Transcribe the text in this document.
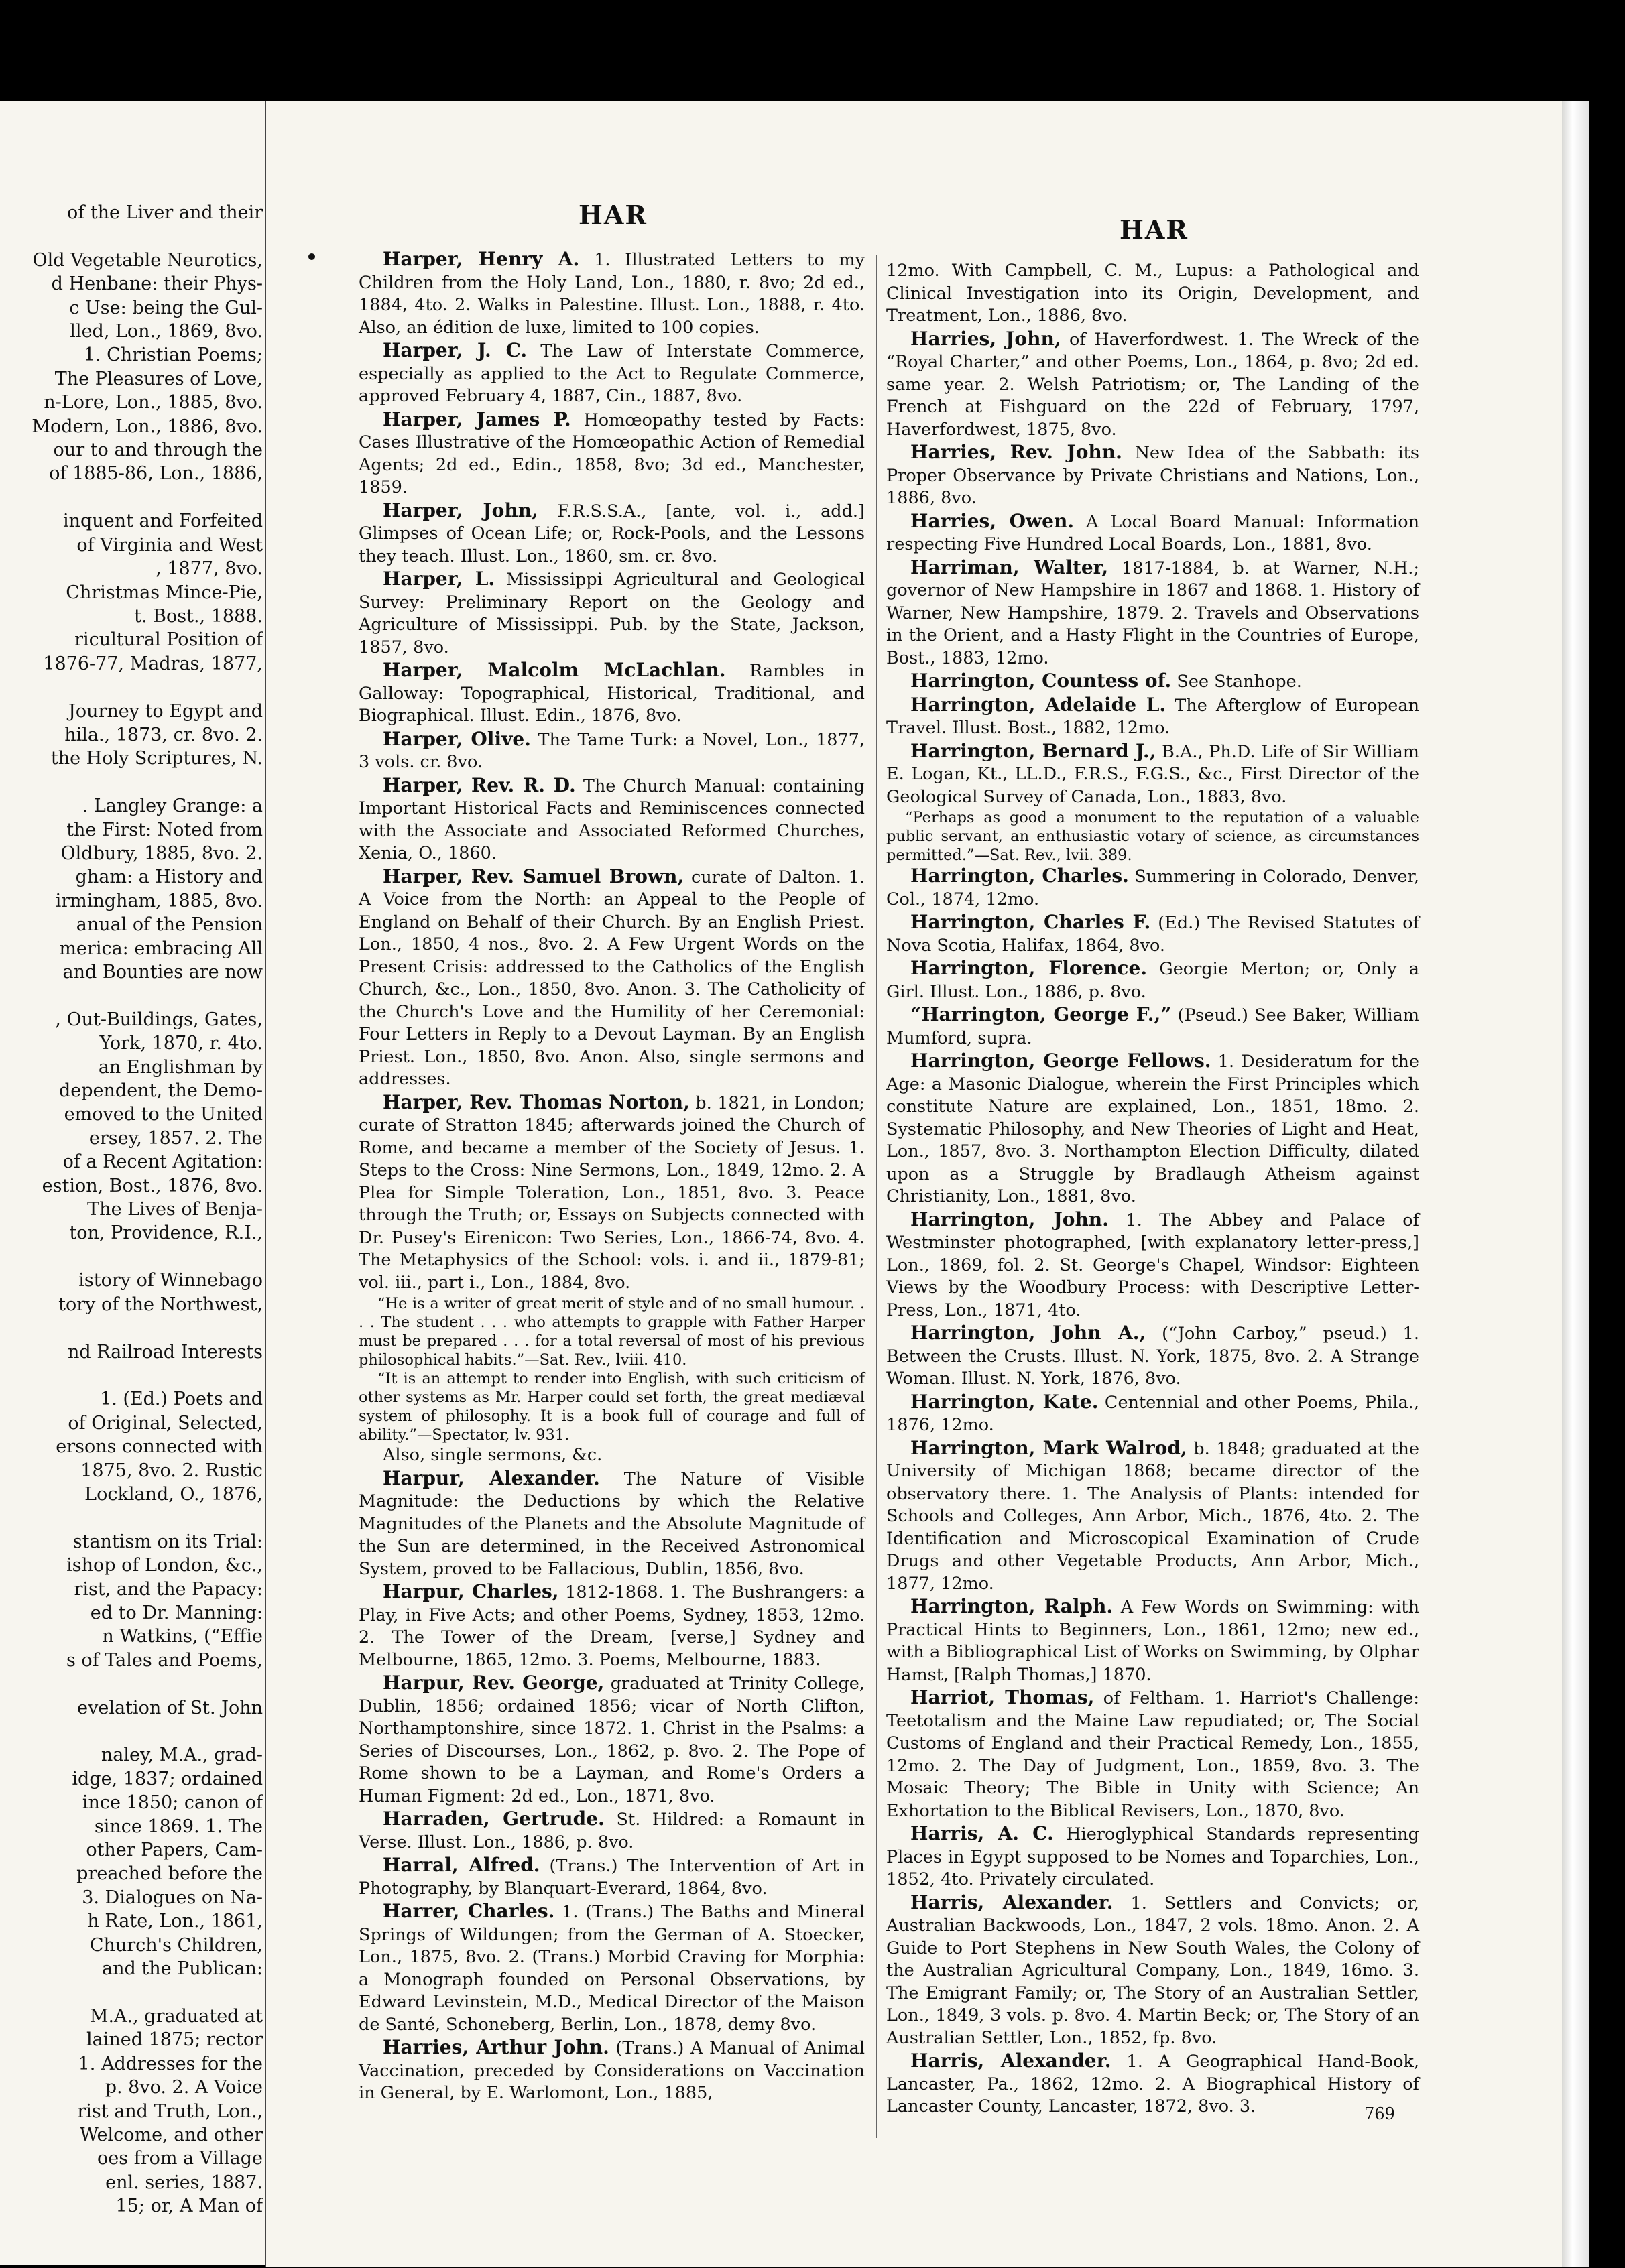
of the Liver and their

Old Vegetable Neurotics,
d Henbane: their Phys-
c Use: being the Gul-
lled, Lon., 1869, 8vo.
1. Christian Poems;
The Pleasures of Love,
n-Lore, Lon., 1885, 8vo.
Modern, Lon., 1886, 8vo.
our to and through the
of 1885-86, Lon., 1886,

inquent and Forfeited
of Virginia and West
, 1877, 8vo.
Christmas Mince-Pie,
t. Bost., 1888.
ricultural Position of
1876-77, Madras, 1877,

Journey to Egypt and
hila., 1873, cr. 8vo. 2.
the Holy Scriptures, N.

. Langley Grange: a
the First: Noted from
Oldbury, 1885, 8vo. 2.
gham: a History and
irmingham, 1885, 8vo.
anual of the Pension
merica: embracing All
and Bounties are now

, Out-Buildings, Gates,
York, 1870, r. 4to.
an Englishman by
dependent, the Demo-
emoved to the United
ersey, 1857. 2. The
of a Recent Agitation:
estion, Bost., 1876, 8vo.
The Lives of Benja-
ton, Providence, R.I.,

istory of Winnebago
tory of the Northwest,

nd Railroad Interests

1. (Ed.) Poets and
of Original, Selected,
ersons connected with
1875, 8vo. 2. Rustic
Lockland, O., 1876,

stantism on its Trial:
ishop of London, &c.,
rist, and the Papacy:
ed to Dr. Manning:
n Watkins, (“Effie
s of Tales and Poems,

evelation of St. John

naley, M.A., grad-
idge, 1837; ordained
ince 1850; canon of
since 1869. 1. The
other Papers, Cam-
preached before the
3. Dialogues on Na-
h Rate, Lon., 1861,
Church's Children,
and the Publican:

M.A., graduated at
lained 1875; rector
1. Addresses for the
p. 8vo. 2. A Voice
rist and Truth, Lon.,
Welcome, and other
oes from a Village
enl. series, 1887.
15; or, A Man of
HAR	HAR

Harper, Henry A. 1. Illustrated Letters to my Children from the Holy Land, Lon., 1880, r. 8vo; 2d ed., 1884, 4to. 2. Walks in Palestine. Illust. Lon., 1888, r. 4to. Also, an édition de luxe, limited to 100 copies.

Harper, J. C. The Law of Interstate Commerce, especially as applied to the Act to Regulate Commerce, approved February 4, 1887, Cin., 1887, 8vo.

Harper, James P. Homœopathy tested by Facts: Cases Illustrative of the Homœopathic Action of Remedial Agents; 2d ed., Edin., 1858, 8vo; 3d ed., Manchester, 1859.

Harper, John, F.R.S.S.A., [ante, vol. i., add.] Glimpses of Ocean Life; or, Rock-Pools, and the Lessons they teach. Illust. Lon., 1860, sm. cr. 8vo.

Harper, L. Mississippi Agricultural and Geological Survey: Preliminary Report on the Geology and Agriculture of Mississippi. Pub. by the State, Jackson, 1857, 8vo.

Harper, Malcolm McLachlan. Rambles in Galloway: Topographical, Historical, Traditional, and Biographical. Illust. Edin., 1876, 8vo.

Harper, Olive. The Tame Turk: a Novel, Lon., 1877, 3 vols. cr. 8vo.

Harper, Rev. R. D. The Church Manual: containing Important Historical Facts and Reminiscences connected with the Associate and Associated Reformed Churches, Xenia, O., 1860.

Harper, Rev. Samuel Brown, curate of Dalton. 1. A Voice from the North: an Appeal to the People of England on Behalf of their Church. By an English Priest. Lon., 1850, 4 nos., 8vo. 2. A Few Urgent Words on the Present Crisis: addressed to the Catholics of the English Church, &c., Lon., 1850, 8vo. Anon. 3. The Catholicity of the Church's Love and the Humility of her Ceremonial: Four Letters in Reply to a Devout Layman. By an English Priest. Lon., 1850, 8vo. Anon. Also, single sermons and addresses.

Harper, Rev. Thomas Norton, b. 1821, in London; curate of Stratton 1845; afterwards joined the Church of Rome, and became a member of the Society of Jesus. 1. Steps to the Cross: Nine Sermons, Lon., 1849, 12mo. 2. A Plea for Simple Toleration, Lon., 1851, 8vo. 3. Peace through the Truth; or, Essays on Subjects connected with Dr. Pusey's Eirenicon: Two Series, Lon., 1866-74, 8vo. 4. The Metaphysics of the School: vols. i. and ii., 1879-81; vol. iii., part i., Lon., 1884, 8vo.

“He is a writer of great merit of style and of no small humour. . . . The student . . . who attempts to grapple with Father Harper must be prepared . . . for a total reversal of most of his previous philosophical habits.”—Sat. Rev., lviii. 410.

“It is an attempt to render into English, with such criticism of other systems as Mr. Harper could set forth, the great mediæval system of philosophy. It is a book full of courage and full of ability.”—Spectator, lv. 931.

Also, single sermons, &c.

Harpur, Alexander. The Nature of Visible Magnitude: the Deductions by which the Relative Magnitudes of the Planets and the Absolute Magnitude of the Sun are determined, in the Received Astronomical System, proved to be Fallacious, Dublin, 1856, 8vo.

Harpur, Charles, 1812-1868. 1. The Bushrangers: a Play, in Five Acts; and other Poems, Sydney, 1853, 12mo. 2. The Tower of the Dream, [verse,] Sydney and Melbourne, 1865, 12mo. 3. Poems, Melbourne, 1883.

Harpur, Rev. George, graduated at Trinity College, Dublin, 1856; ordained 1856; vicar of North Clifton, Northamptonshire, since 1872. 1. Christ in the Psalms: a Series of Discourses, Lon., 1862, p. 8vo. 2. The Pope of Rome shown to be a Layman, and Rome's Orders a Human Figment: 2d ed., Lon., 1871, 8vo.

Harraden, Gertrude. St. Hildred: a Romaunt in Verse. Illust. Lon., 1886, p. 8vo.

Harral, Alfred. (Trans.) The Intervention of Art in Photography, by Blanquart-Everard, 1864, 8vo.

Harrer, Charles. 1. (Trans.) The Baths and Mineral Springs of Wildungen; from the German of A. Stoecker, Lon., 1875, 8vo. 2. (Trans.) Morbid Craving for Morphia: a Monograph founded on Personal Observations, by Edward Levinstein, M.D., Medical Director of the Maison de Santé, Schoneberg, Berlin, Lon., 1878, demy 8vo.

Harries, Arthur John. (Trans.) A Manual of Animal Vaccination, preceded by Considerations on Vaccination in General, by E. Warlomont, Lon., 1885,

12mo. With Campbell, C. M., Lupus: a Pathological and Clinical Investigation into its Origin, Development, and Treatment, Lon., 1886, 8vo.

Harries, John, of Haverfordwest. 1. The Wreck of the “Royal Charter,” and other Poems, Lon., 1864, p. 8vo; 2d ed. same year. 2. Welsh Patriotism; or, The Landing of the French at Fishguard on the 22d of February, 1797, Haverfordwest, 1875, 8vo.

Harries, Rev. John. New Idea of the Sabbath: its Proper Observance by Private Christians and Nations, Lon., 1886, 8vo.

Harries, Owen. A Local Board Manual: Information respecting Five Hundred Local Boards, Lon., 1881, 8vo.

Harriman, Walter, 1817-1884, b. at Warner, N.H.; governor of New Hampshire in 1867 and 1868. 1. History of Warner, New Hampshire, 1879. 2. Travels and Observations in the Orient, and a Hasty Flight in the Countries of Europe, Bost., 1883, 12mo.

Harrington, Countess of. See Stanhope.

Harrington, Adelaide L. The Afterglow of European Travel. Illust. Bost., 1882, 12mo.

Harrington, Bernard J., B.A., Ph.D. Life of Sir William E. Logan, Kt., LL.D., F.R.S., F.G.S., &c., First Director of the Geological Survey of Canada, Lon., 1883, 8vo.

“Perhaps as good a monument to the reputation of a valuable public servant, an enthusiastic votary of science, as circumstances permitted.”—Sat. Rev., lvii. 389.

Harrington, Charles. Summering in Colorado, Denver, Col., 1874, 12mo.

Harrington, Charles F. (Ed.) The Revised Statutes of Nova Scotia, Halifax, 1864, 8vo.

Harrington, Florence. Georgie Merton; or, Only a Girl. Illust. Lon., 1886, p. 8vo.

“Harrington, George F.,” (Pseud.) See Baker, William Mumford, supra.

Harrington, George Fellows. 1. Desideratum for the Age: a Masonic Dialogue, wherein the First Principles which constitute Nature are explained, Lon., 1851, 18mo. 2. Systematic Philosophy, and New Theories of Light and Heat, Lon., 1857, 8vo. 3. Northampton Election Difficulty, dilated upon as a Struggle by Bradlaugh Atheism against Christianity, Lon., 1881, 8vo.

Harrington, John. 1. The Abbey and Palace of Westminster photographed, [with explanatory letter-press,] Lon., 1869, fol. 2. St. George's Chapel, Windsor: Eighteen Views by the Woodbury Process: with Descriptive Letter-Press, Lon., 1871, 4to.

Harrington, John A., (“John Carboy,” pseud.) 1. Between the Crusts. Illust. N. York, 1875, 8vo. 2. A Strange Woman. Illust. N. York, 1876, 8vo.

Harrington, Kate. Centennial and other Poems, Phila., 1876, 12mo.

Harrington, Mark Walrod, b. 1848; graduated at the University of Michigan 1868; became director of the observatory there. 1. The Analysis of Plants: intended for Schools and Colleges, Ann Arbor, Mich., 1876, 4to. 2. The Identification and Microscopical Examination of Crude Drugs and other Vegetable Products, Ann Arbor, Mich., 1877, 12mo.

Harrington, Ralph. A Few Words on Swimming: with Practical Hints to Beginners, Lon., 1861, 12mo; new ed., with a Bibliographical List of Works on Swimming, by Olphar Hamst, [Ralph Thomas,] 1870.

Harriot, Thomas, of Feltham. 1. Harriot's Challenge: Teetotalism and the Maine Law repudiated; or, The Social Customs of England and their Practical Remedy, Lon., 1855, 12mo. 2. The Day of Judgment, Lon., 1859, 8vo. 3. The Mosaic Theory; The Bible in Unity with Science; An Exhortation to the Biblical Revisers, Lon., 1870, 8vo.

Harris, A. C. Hieroglyphical Standards representing Places in Egypt supposed to be Nomes and Toparchies, Lon., 1852, 4to. Privately circulated.

Harris, Alexander. 1. Settlers and Convicts; or, Australian Backwoods, Lon., 1847, 2 vols. 18mo. Anon. 2. A Guide to Port Stephens in New South Wales, the Colony of the Australian Agricultural Company, Lon., 1849, 16mo. 3. The Emigrant Family; or, The Story of an Australian Settler, Lon., 1849, 3 vols. p. 8vo. 4. Martin Beck; or, The Story of an Australian Settler, Lon., 1852, fp. 8vo.

Harris, Alexander. 1. A Geographical Hand-Book, Lancaster, Pa., 1862, 12mo. 2. A Biographical History of Lancaster County, Lancaster, 1872, 8vo. 3.	769
